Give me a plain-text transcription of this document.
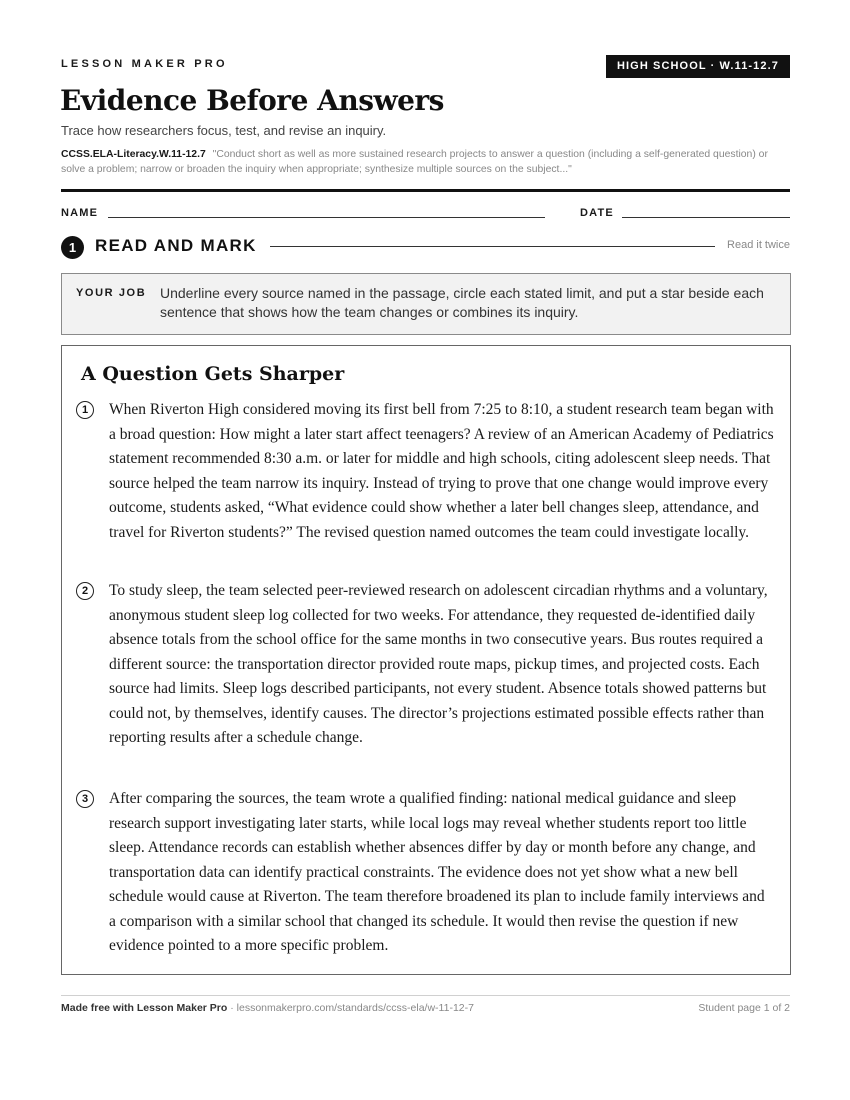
LESSON MAKER PRO	HIGH SCHOOL · W.11-12.7
Evidence Before Answers
Trace how researchers focus, test, and revise an inquiry.
CCSS.ELA-Literacy.W.11-12.7 "Conduct short as well as more sustained research projects to answer a question (including a self-generated question) or solve a problem; narrow or broaden the inquiry when appropriate; synthesize multiple sources on the subject..."
NAME	DATE
1	READ AND MARK	Read it twice
YOUR JOB Underline every source named in the passage, circle each stated limit, and put a star beside each sentence that shows how the team changes or combines its inquiry.
A Question Gets Sharper
1	When Riverton High considered moving its first bell from 7:25 to 8:10, a student research team began with a broad question: How might a later start affect teenagers? A review of an American Academy of Pediatrics statement recommended 8:30 a.m. or later for middle and high schools, citing adolescent sleep needs. That source helped the team narrow its inquiry. Instead of trying to prove that one change would improve every outcome, students asked, “What evidence could show whether a later bell changes sleep, attendance, and travel for Riverton students?” The revised question named outcomes the team could investigate locally.

2	To study sleep, the team selected peer-reviewed research on adolescent circadian rhythms and a voluntary, anonymous student sleep log collected for two weeks. For attendance, they requested de-identified daily absence totals from the school office for the same months in two consecutive years. Bus routes required a different source: the transportation director provided route maps, pickup times, and projected costs. Each source had limits. Sleep logs described participants, not every student. Absence totals showed patterns but could not, by themselves, identify causes. The director’s projections estimated possible effects rather than reporting results after a schedule change.

3	After comparing the sources, the team wrote a qualified finding: national medical guidance and sleep research support investigating later starts, while local logs may reveal whether students report too little sleep. Attendance records can establish whether absences differ by day or month before any change, and transportation data can identify practical constraints. The evidence does not yet show what a new bell schedule would cause at Riverton. The team therefore broadened its plan to include family interviews and a comparison with a similar school that changed its schedule. It would then revise the question if new evidence pointed to a more specific problem.

Made free with Lesson Maker Pro · lessonmakerpro.com/standards/ccss-ela/w-11-12-7	Student page 1 of 2
